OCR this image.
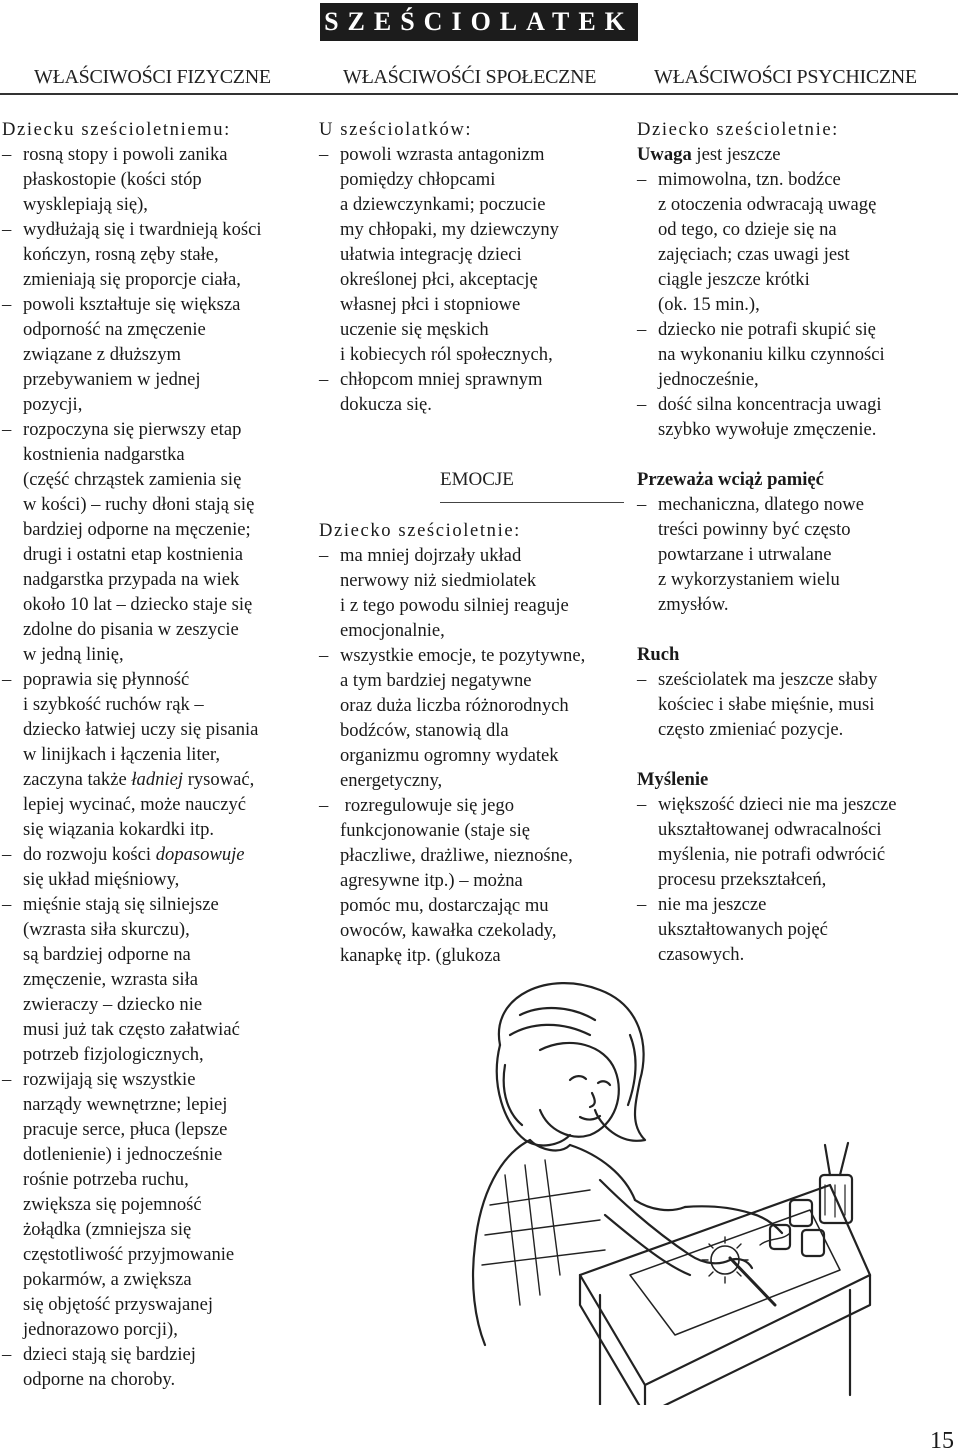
SZEŚCIOLATEK
WŁAŚCIWOŚCI FIZYCZNE	WŁAŚCIWOŚĆI SPOŁECZNE	WŁAŚCIWOŚCI PSYCHICZNE
Dziecku sześcioletniemu:
– rosną stopy i powoli zanika
płaskostopie (kości stóp
wysklepiają się),
– wydłużają się i twardnieją kości
kończyn, rosną zęby stałe,
zmieniają się proporcje ciała,
– powoli kształtuje się większa
odporność na zmęczenie
związane z dłuższym
przebywaniem w jednej
pozycji,
– rozpoczyna się pierwszy etap
kostnienia nadgarstka
(część chrząstek zamienia się
w kości) – ruchy dłoni stają się
bardziej odporne na męczenie;
drugi i ostatni etap kostnienia
nadgarstka przypada na wiek
około 10 lat – dziecko staje się
zdolne do pisania w zeszycie
w jedną linię,
– poprawia się płynność
i szybkość ruchów rąk –
dziecko łatwiej uczy się pisania
w linijkach i łączenia liter,
zaczyna także ładniej rysować,
lepiej wycinać, może nauczyć
się wiązania kokardki itp.
– do rozwoju kości dopasowuje
się układ mięśniowy,
– mięśnie stają się silniejsze
(wzrasta siła skurczu),
są bardziej odporne na
zmęczenie, wzrasta siła
zwieraczy – dziecko nie
musi już tak często załatwiać
potrzeb fizjologicznych,
– rozwijają się wszystkie
narządy wewnętrzne; lepiej
pracuje serce, płuca (lepsze
dotlenienie) i jednocześnie
rośnie potrzeba ruchu,
zwiększa się pojemność
żołądka (zmniejsza się
częstotliwość przyjmowanie
pokarmów, a zwiększa
się objętość przyswajanej
jednorazowo porcji),
– dzieci stają się bardziej
odporne na choroby.
U sześciolatków:
– powoli wzrasta antagonizm
pomiędzy chłopcami
a dziewczynkami; poczucie
my chłopaki, my dziewczyny
ułatwia integrację dzieci
określonej płci, akceptację
własnej płci i stopniowe
uczenie się męskich
i kobiecych ról społecznych,
– chłopcom mniej sprawnym
dokucza się.
Dziecko sześcioletnie:
Uwaga jest jeszcze
– mimowolna, tzn. bodźce
z otoczenia odwracają uwagę
od tego, co dzieje się na
zajęciach; czas uwagi jest
ciągle jeszcze krótki
(ok. 15 min.),
– dziecko nie potrafi skupić się
na wykonaniu kilku czynności
jednocześnie,
– dość silna koncentracja uwagi
szybko wywołuje zmęczenie.
Przeważa wciąż pamięć
– mechaniczna, dlatego nowe
treści powinny być często
powtarzane i utrwalane
z wykorzystaniem wielu
zmysłów.
Ruch
– sześciolatek ma jeszcze słaby
kościec i słabe mięśnie, musi
często zmieniać pozycje.
Myślenie
– większość dzieci nie ma jeszcze
ukształtowanej odwracalności
myślenia, nie potrafi odwrócić
procesu przekształceń,
– nie ma jeszcze
ukształtowanych pojęć
czasowych.
EMOCJE
Dziecko sześcioletnie:
– ma mniej dojrzały układ
nerwowy niż siedmiolatek
i z tego powodu silniej reaguje
emocjonalnie,
– wszystkie emocje, te pozytywne,
a tym bardziej negatywne
oraz duża liczba różnorodnych
bodźców, stanowią dla
organizmu ogromny wydatek
energetyczny,
– rozregulowuje się jego
funkcjonowanie (staje się
płaczliwe, drażliwe, nieznośne,
agresywne itp.) – można
pomóc mu, dostarczając mu
owoców, kawałka czekolady,
kanapkę itp. (glukoza
15
